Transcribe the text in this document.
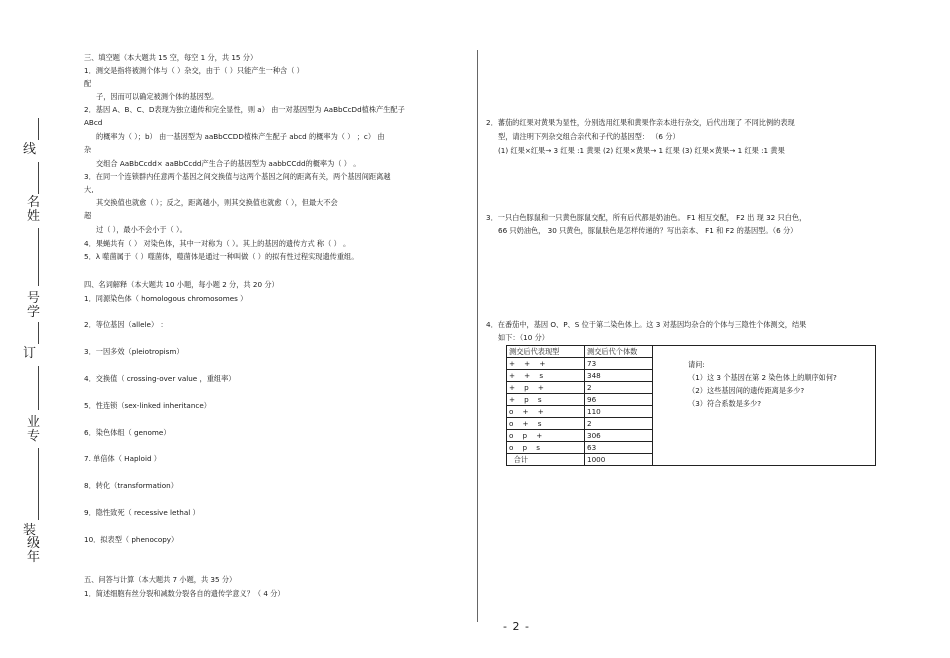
线
名
姓
号
学
订
业
专
装
级
年
三、填空题（本大题共 15 空，每空 1 分，共 15 分）
1．测交是指将被测个体与（ ）杂交，由于（ ）只能产生一种含（ ）
配
子，因而可以确定被测个体的基因型。
2．基因 A、B、C、D表现为独立遗传和完全显性，则 a） 由一对基因型为 AaBbCcDd植株产生配子
ABcd
的概率为（ ）；b） 由一基因型为 aaBbCCDD植株产生配子 abcd 的概率为（ ） ；c） 由
杂
交组合 AaBbCcdd× aaBbCcdd产生合子的基因型为 aabbCCdd的概率为（ ） 。
3．在同一个连锁群内任意两个基因之间交换值与这两个基因之间的距离有关，两个基因间距离越
大,
其交换值也就愈（ ）；反之，距离越小，则其交换值也就愈（ ），但最大不会
超
过（ ），最小不会小于（ ）。
4．果蝇共有（ ） 对染色体，其中一对称为（ ）。其上的基因的遗传方式 称（ ） 。
5．λ 噬菌属于（ ）噬菌体，噬菌体是通过一种叫做（ ）的拟有性过程实现遗传重组。
四、名词解释（本大题共 10 小题，每小题 2 分，共 20 分）
1．同源染色体（ homologous chromosomes ）
2．等位基因（allele） ：
3．一因多效（pleiotropism）
4．交换值（ crossing-over value ，重组率）
5．性连锁（sex-linked inheritance）
6．染色体组（ genome）
7. 单倍体（ Haploid ）
8．转化（transformation）
9．隐性致死（ recessive lethal ）
10．拟表型（ phenocopy）
五、问答与计算（本大题共 7 小题，共 35 分）
1．简述细胞有丝分裂和减数分裂各自的遗传学意义？（ 4 分）
2．蕃茄的红果对黄果为显性，分别选用红果和黄果作亲本进行杂交，后代出现了 不同比例的表现
型，请注明下列杂交组合亲代和子代的基因型： （6 分）
(1) 红果×红果→ 3 红果 :1 黄果 (2) 红果×黄果→ 1 红果 (3) 红果×黄果→ 1 红果 :1 黄果
3．一只白色豚鼠和一只黄色豚鼠交配，所有后代都是奶油色。 F1 相互交配， F2 出 现 32 只白色，
66 只奶油色， 30 只黄色，豚鼠肤色是怎样传递的？写出亲本、 F1 和 F2 的基因型。（6 分）
4．在番茄中，基因 O、P、S 位于第二染色体上。这 3 对基因均杂合的个体与三隐性个体测交，结果
如下：（10 分）
测交后代表现型	测交后代个体数	请问:
（1）这 3 个基因在第 2 染色体上的顺序如何?
（2）这些基因间的遗传距离是多少?
（3）符合系数是多少?

+    +    +	73	
+    +    s	348	
+    p    +	2	
+    p    s	96	
o    +    +	110	
o    +    s	2	
o    p    +	306	
o    p    s	63	
合计	1000	
- 2 -
